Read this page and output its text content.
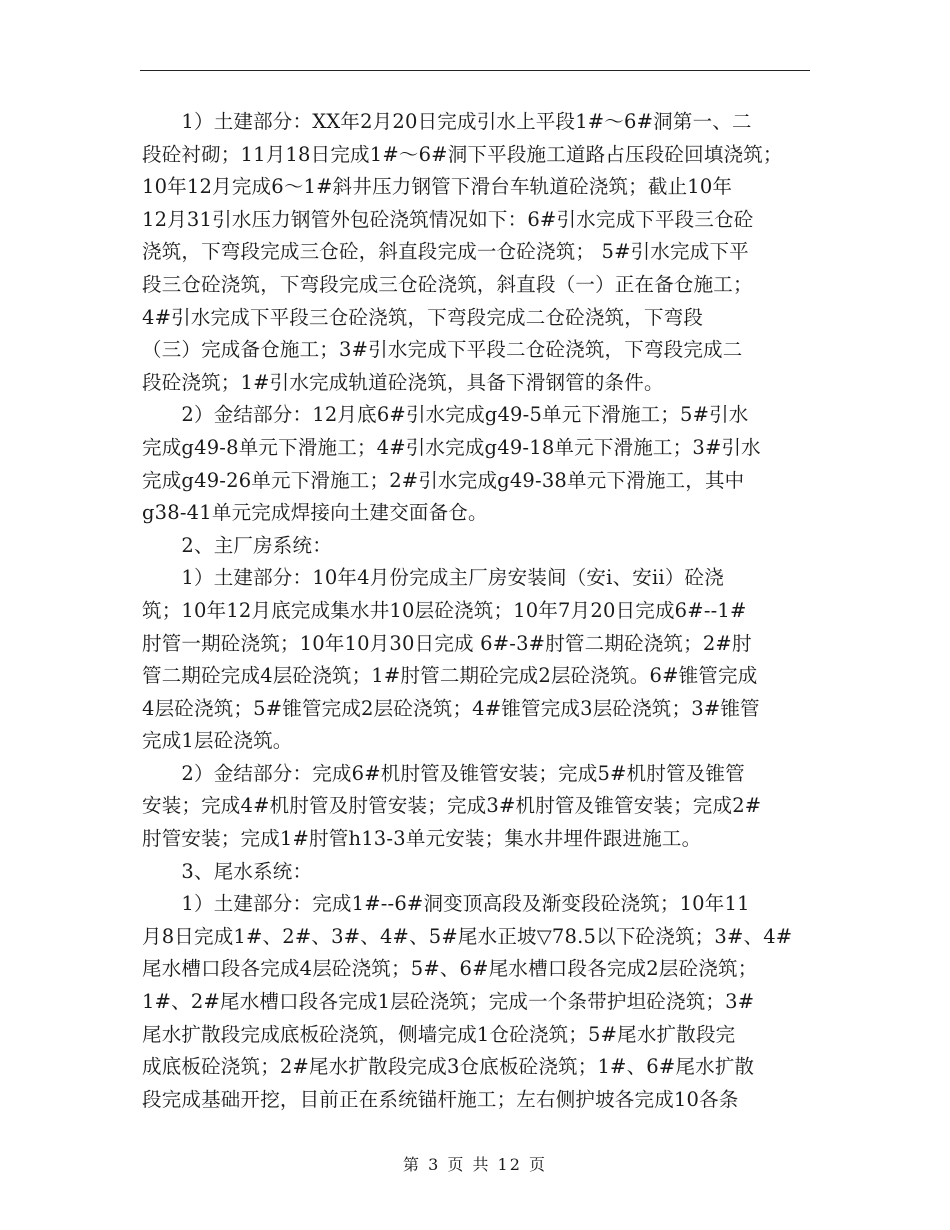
　　1）土建部分：XX年2月20日完成引水上平段1#～6#洞第一、二
段砼衬砌；11月18日完成1#～6#洞下平段施工道路占压段砼回填浇筑；
10年12月完成6～1#斜井压力钢管下滑台车轨道砼浇筑；截止10年
12月31引水压力钢管外包砼浇筑情况如下：6#引水完成下平段三仓砼
浇筑，下弯段完成三仓砼，斜直段完成一仓砼浇筑； 5#引水完成下平
段三仓砼浇筑，下弯段完成三仓砼浇筑，斜直段（一）正在备仓施工；
4#引水完成下平段三仓砼浇筑，下弯段完成二仓砼浇筑，下弯段
（三）完成备仓施工；3#引水完成下平段二仓砼浇筑，下弯段完成二
段砼浇筑；1#引水完成轨道砼浇筑，具备下滑钢管的条件。
　　2）金结部分：12月底6#引水完成g49-5单元下滑施工；5#引水
完成g49-8单元下滑施工；4#引水完成g49-18单元下滑施工；3#引水
完成g49-26单元下滑施工；2#引水完成g49-38单元下滑施工，其中
g38-41单元完成焊接向土建交面备仓。
　　2、主厂房系统：
　　1）土建部分：10年4月份完成主厂房安装间（安i、安ii）砼浇
筑；10年12月底完成集水井10层砼浇筑；10年7月20日完成6#--1#
肘管一期砼浇筑；10年10月30日完成 6#-3#肘管二期砼浇筑；2#肘
管二期砼完成4层砼浇筑；1#肘管二期砼完成2层砼浇筑。6#锥管完成
4层砼浇筑；5#锥管完成2层砼浇筑；4#锥管完成3层砼浇筑；3#锥管
完成1层砼浇筑。
　　2）金结部分：完成6#机肘管及锥管安装；完成5#机肘管及锥管
安装；完成4#机肘管及肘管安装；完成3#机肘管及锥管安装；完成2#
肘管安装；完成1#肘管h13-3单元安装；集水井埋件跟进施工。
　　3、尾水系统：
　　1）土建部分：完成1#--6#洞变顶高段及渐变段砼浇筑；10年11
月8日完成1#、2#、3#、4#、5#尾水正坡▽78.5以下砼浇筑；3#、4#
尾水槽口段各完成4层砼浇筑；5#、6#尾水槽口段各完成2层砼浇筑；
1#、2#尾水槽口段各完成1层砼浇筑；完成一个条带护坦砼浇筑；3#
尾水扩散段完成底板砼浇筑，侧墙完成1仓砼浇筑；5#尾水扩散段完
成底板砼浇筑；2#尾水扩散段完成3仓底板砼浇筑；1#、6#尾水扩散
段完成基础开挖，目前正在系统锚杆施工；左右侧护坡各完成10各条
第 3 页 共 12 页
